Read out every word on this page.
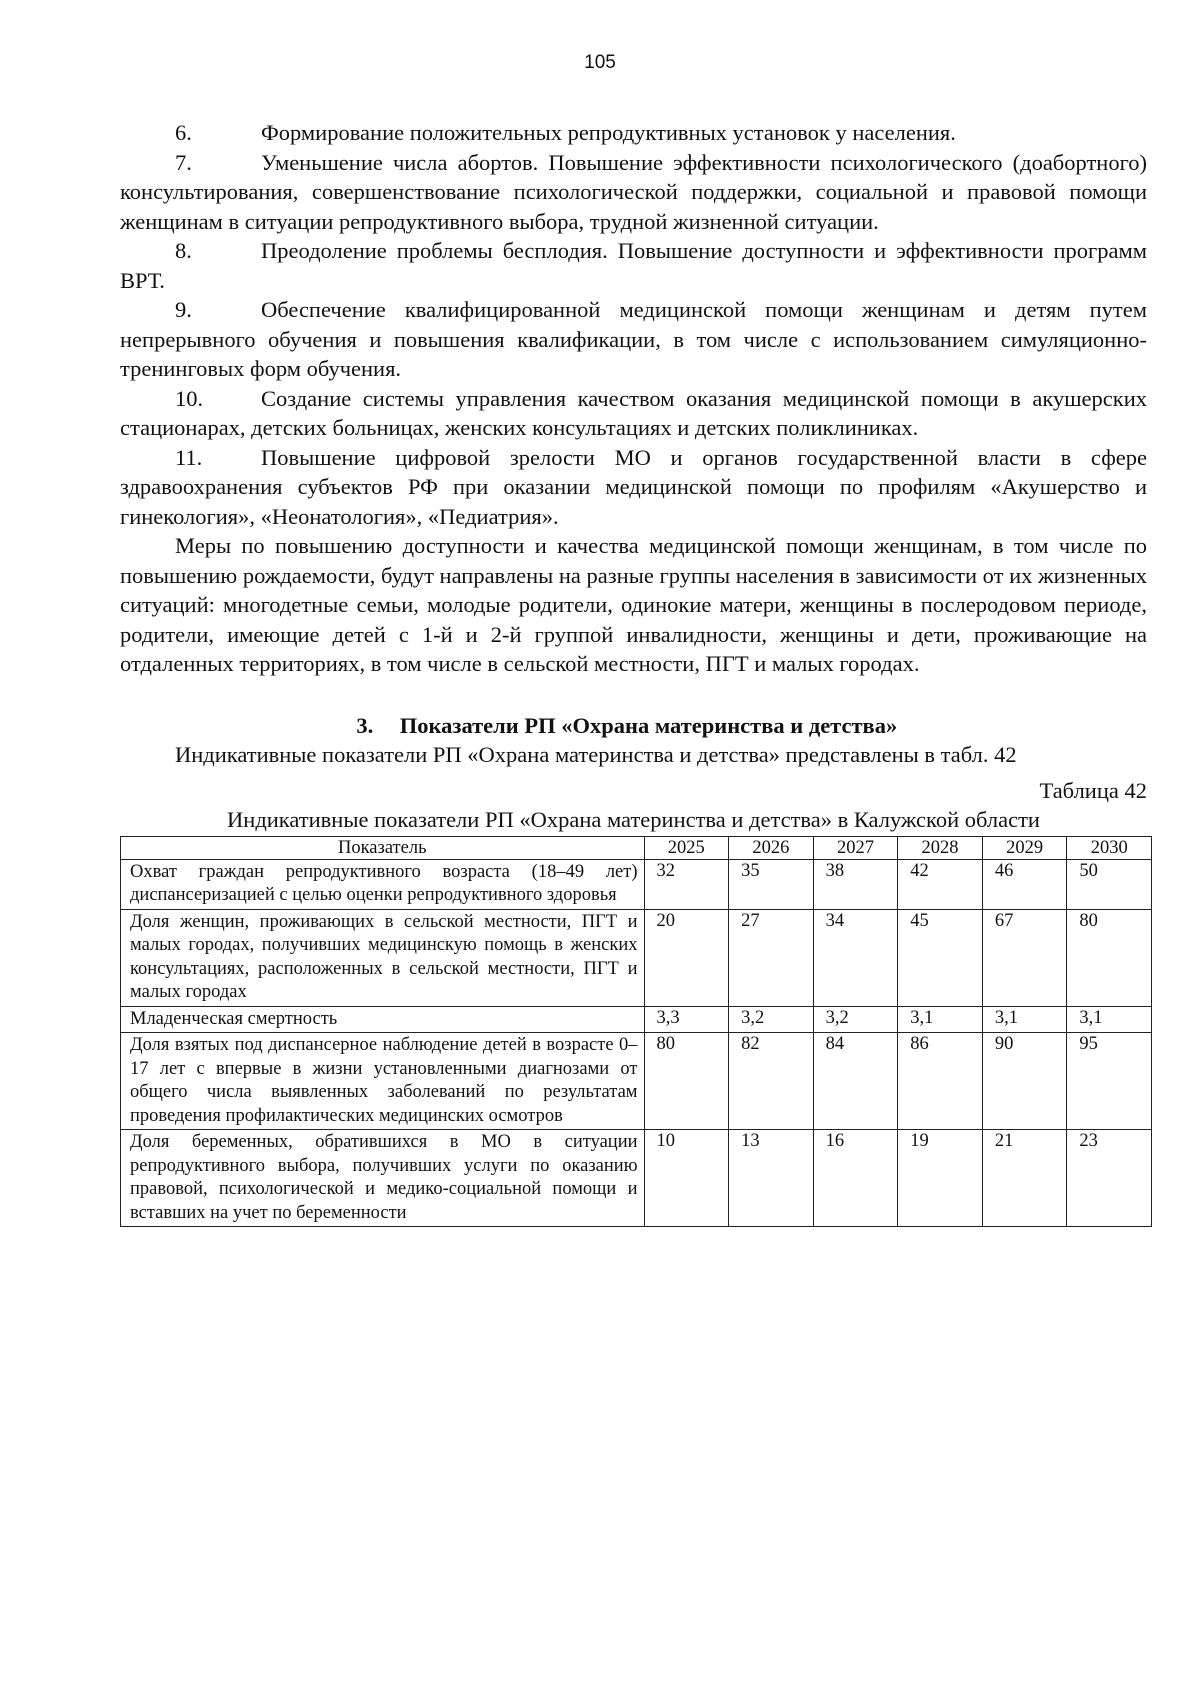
105

6.	Формирование положительных репродуктивных установок у населения.

7.	Уменьшение числа абортов. Повышение эффективности психологического (доабортного) консультирования, совершенствование психологической поддержки, социальной и правовой помощи женщинам в ситуации репродуктивного выбора, трудной жизненной ситуации.

8.	Преодоление проблемы бесплодия. Повышение доступности и эффективности программ ВРТ.

9.	Обеспечение квалифицированной медицинской помощи женщинам и детям путем непрерывного обучения и повышения квалификации, в том числе с использованием симуляционно-тренинговых форм обучения.

10.	Создание системы управления качеством оказания медицинской помощи в акушерских стационарах, детских больницах, женских консультациях и детских поликлиниках.

11.	Повышение цифровой зрелости МО и органов государственной власти в сфере здравоохранения субъектов РФ при оказании медицинской помощи по профилям «Акушерство и гинекология», «Неонатология», «Педиатрия».

Меры по повышению доступности и качества медицинской помощи женщинам, в том числе по повышению рождаемости, будут направлены на разные группы населения в зависимости от их жизненных ситуаций: многодетные семьи, молодые родители, одинокие матери, женщины в послеродовом периоде, родители, имеющие детей с 1-й и 2-й группой инвалидности, женщины и дети, проживающие на отдаленных территориях, в том числе в сельской местности, ПГТ и малых городах.

3. Показатели РП «Охрана материнства и детства»

Индикативные показатели РП «Охрана материнства и детства» представлены в табл. 42

Таблица 42

Индикативные показатели РП «Охрана материнства и детства» в Калужской области

Показатель	2025	2026	2027	2028	2029	2030
Охват граждан репродуктивного возраста (18–49 лет) диспансеризацией с целью оценки репродуктивного здоровья	32	35	38	42	46	50
Доля женщин, проживающих в сельской местности, ПГТ и малых городах, получивших медицинскую помощь в женских консультациях, расположенных в сельской местности, ПГТ и малых городах	20	27	34	45	67	80
Младенческая смертность	3,3	3,2	3,2	3,1	3,1	3,1
Доля взятых под диспансерное наблюдение детей в возрасте 0–17 лет с впервые в жизни установленными диагнозами от общего числа выявленных заболеваний по результатам проведения профилактических медицинских осмотров	80	82	84	86	90	95
Доля беременных, обратившихся в МО в ситуации репродуктивного выбора, получивших услуги по оказанию правовой, психологической и медико-социальной помощи и вставших на учет по беременности	10	13	16	19	21	23
